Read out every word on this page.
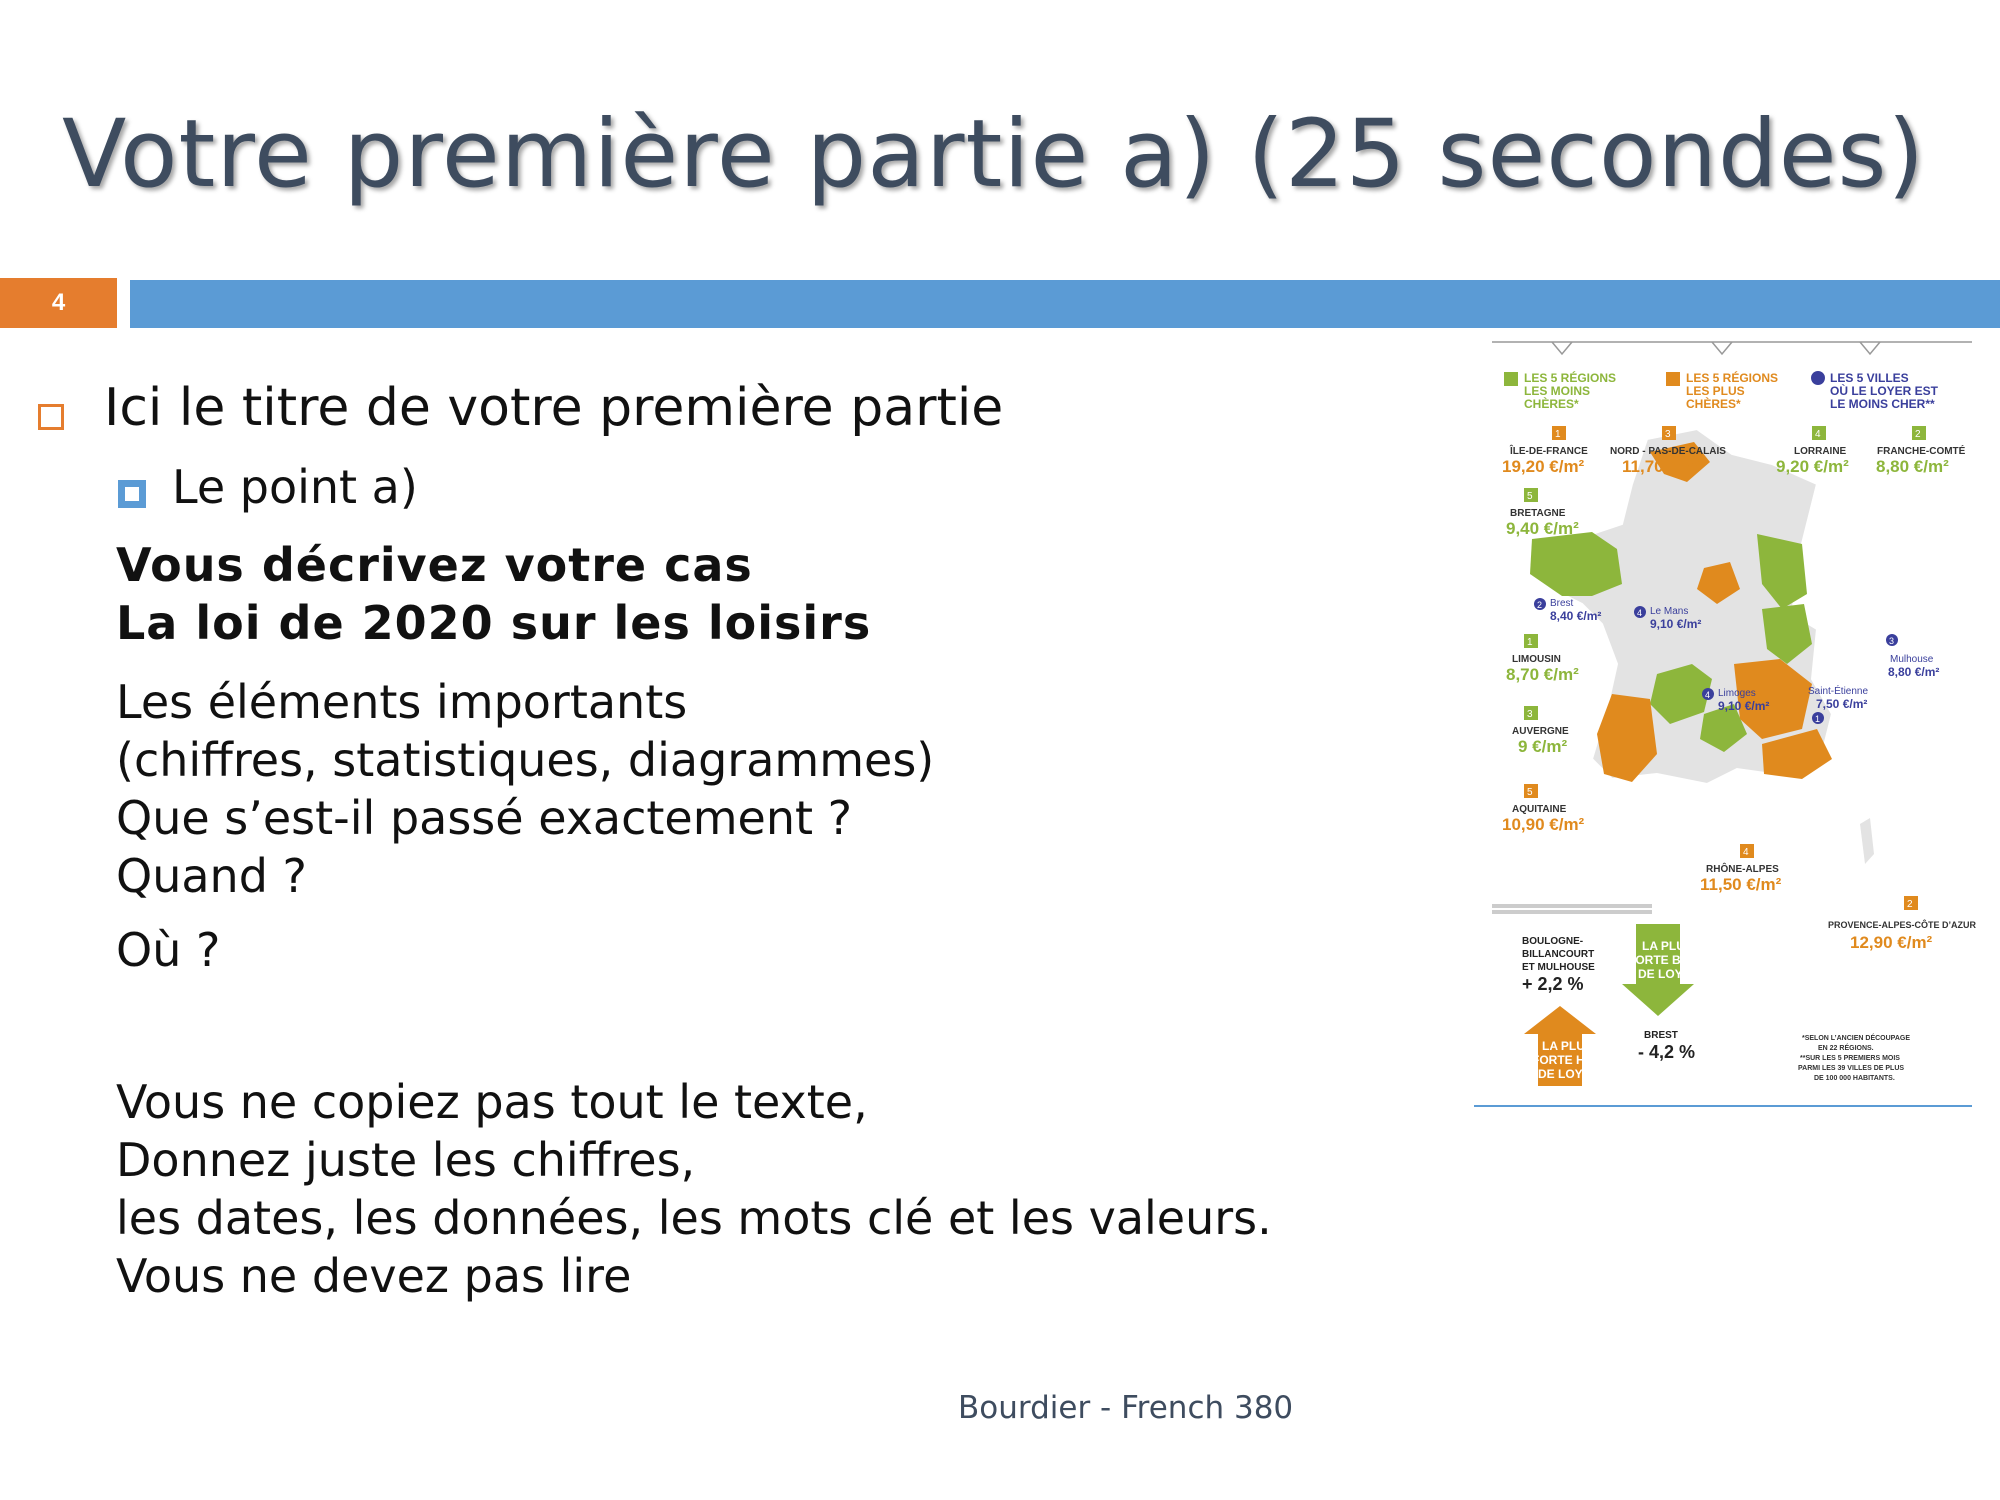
Votre première partie a) (25 secondes)
4
Ici le titre de votre première partie
Le point a)
Vous décrivez votre cas
La loi de 2020 sur les loisirs
Les éléments importants
(chiffres, statistiques, diagrammes)
Que s’est-il passé exactement ?
Quand ?
Où ?
Vous ne copiez pas tout le texte,
Donnez juste les chiffres,
les dates, les données, les mots clé et les valeurs.
Vous ne devez pas lire
Bourdier - French 380
LES 5 RÉGIONS
LES MOINS
CHÈRES*
LES 5 RÉGIONS
LES PLUS
CHÈRES*
LES 5 VILLES
OÙ LE LOYER EST
LE MOINS CHER**
1
ÎLE-DE-FRANCE
19,20 €/m²
3
NORD - PAS-DE-CALAIS
11,70 €/m²
4
LORRAINE
9,20 €/m²
2
FRANCHE-COMTÉ
8,80 €/m²
5
BRETAGNE
9,40 €/m²
1
LIMOUSIN
8,70 €/m²
3
AUVERGNE
9 €/m²
5
AQUITAINE
10,90 €/m²
4
RHÔNE-ALPES
11,50 €/m²
2
PROVENCE-ALPES-CÔTE D’AZUR
12,90 €/m²
2 Brest
8,40 €/m²	4 Le Mans
9,10 €/m²
3
Mulhouse
8,80 €/m²
4 Limoges
9,10 €/m²
1
Saint-Étienne
7,50 €/m²
BOULOGNE-
BILLANCOURT
ET MULHOUSE
+ 2,2 %
LA PLUS
FORTE HAUSSE
DE LOYER
LA PLUS
FORTE BAISSE
DE LOYER
BREST
- 4,2 %
*SELON L’ANCIEN DÉCOUPAGE
EN 22 RÉGIONS.
**SUR LES 5 PREMIERS MOIS
PARMI LES 39 VILLES DE PLUS
DE 100 000 HABITANTS.
